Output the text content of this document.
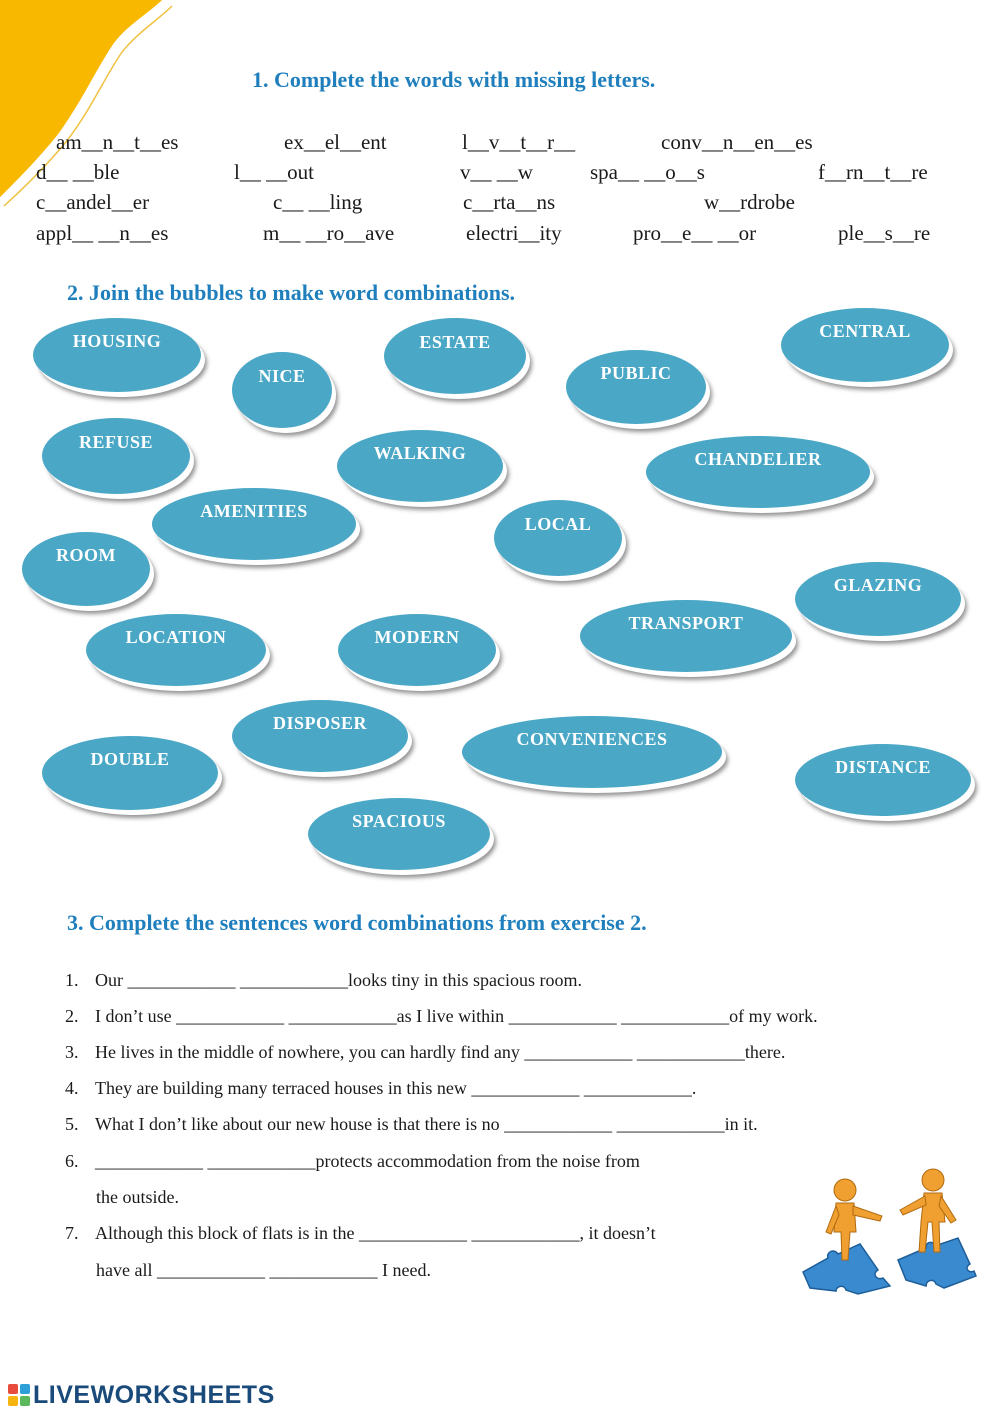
1. Complete the words with missing letters.
am__n__t__es	ex__el__ent	l__v__t__r__	conv__n__en__es
d__ __ble	l__ __out	v__ __w	spa__ __o__s	f__rn__t__re
c__andel__er	c__ __ling	c__rta__ns	w__rdrobe
appl__ __n__es	m__ __ro__ave	electri__ity	pro__e__ __or	ple__s__re
2. Join the bubbles to make word combinations.
HOUSING
NICE
ESTATE
PUBLIC
CENTRAL
REFUSE
WALKING	CHANDELIER
AMENITIES
LOCAL
ROOM
GLAZING
LOCATION	MODERN
TRANSPORT
DISPOSER
CONVENIENCES
DOUBLE	DISTANCE
SPACIOUS
3. Complete the sentences word combinations from exercise 2.
1. Our ____________ ____________looks tiny in this spacious room.
2. I don’t use ____________ ____________as I live within ____________ ____________of my work.
3. He lives in the middle of nowhere, you can hardly find any ____________ ____________there.
4. They are building many terraced houses in this new ____________ ____________.
5. What I don’t like about our new house is that there is no ____________ ____________in it.
6. ____________ ____________protects accommodation from the noise from
the outside.
7. Although this block of flats is in the ____________ ____________, it doesn’t
have all ____________ ____________ I need.
LIVEWORKSHEETS
